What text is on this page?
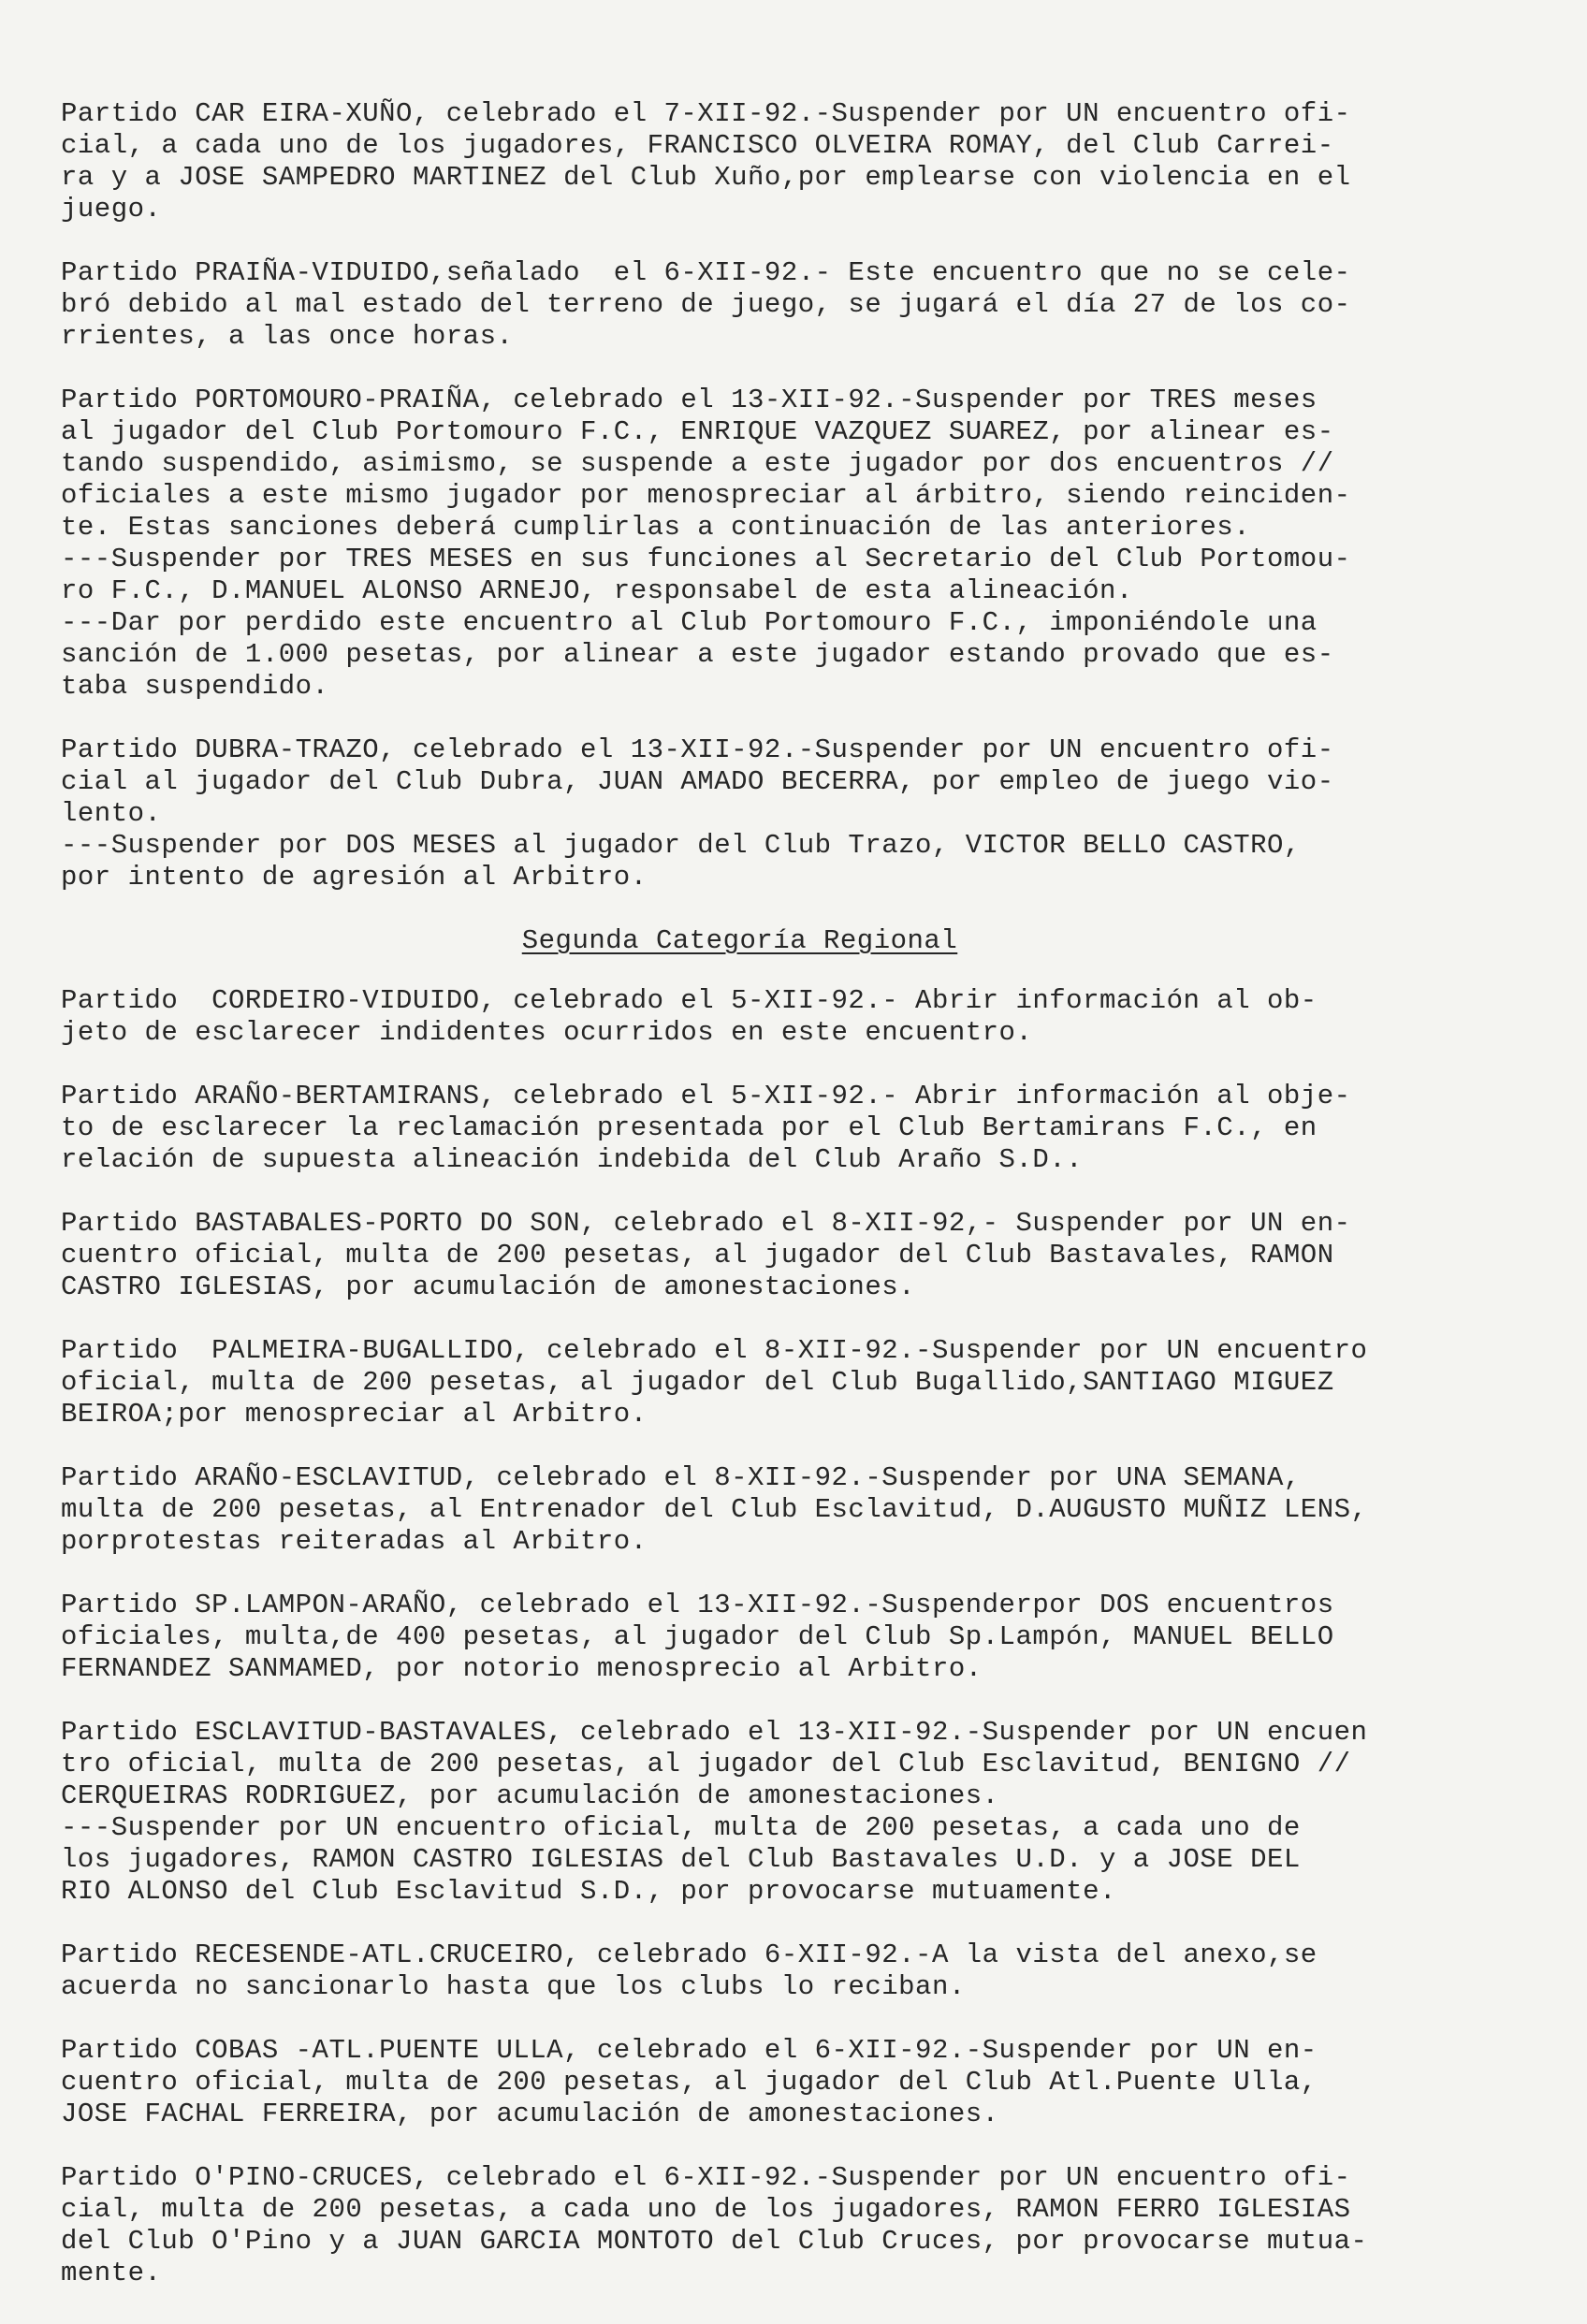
Partido CAR EIRA-XUÑO, celebrado el 7-XII-92.-Suspender por UN encuentro ofi-
cial, a cada uno de los jugadores, FRANCISCO OLVEIRA ROMAY, del Club Carrei-
ra y a JOSE SAMPEDRO MARTINEZ del Club Xuño,por emplearse con violencia en el
juego.
Partido PRAIÑA-VIDUIDO,señalado  el 6-XII-92.- Este encuentro que no se cele-
bró debido al mal estado del terreno de juego, se jugará el día 27 de los co-
rrientes, a las once horas.
Partido PORTOMOURO-PRAIÑA, celebrado el 13-XII-92.-Suspender por TRES meses
al jugador del Club Portomouro F.C., ENRIQUE VAZQUEZ SUAREZ, por alinear es-
tando suspendido, asimismo, se suspende a este jugador por dos encuentros //
oficiales a este mismo jugador por menospreciar al árbitro, siendo reinciden-
te. Estas sanciones deberá cumplirlas a continuación de las anteriores.
---Suspender por TRES MESES en sus funciones al Secretario del Club Portomou-
ro F.C., D.MANUEL ALONSO ARNEJO, responsabel de esta alineación.
---Dar por perdido este encuentro al Club Portomouro F.C., imponiéndole una
sanción de 1.000 pesetas, por alinear a este jugador estando provado que es-
taba suspendido.
Partido DUBRA-TRAZO, celebrado el 13-XII-92.-Suspender por UN encuentro ofi-
cial al jugador del Club Dubra, JUAN AMADO BECERRA, por empleo de juego vio-
lento.
---Suspender por DOS MESES al jugador del Club Trazo, VICTOR BELLO CASTRO,
por intento de agresión al Arbitro.
Segunda Categoría Regional
Partido  CORDEIRO-VIDUIDO, celebrado el 5-XII-92.- Abrir información al ob-
jeto de esclarecer indidentes ocurridos en este encuentro.
Partido ARAÑO-BERTAMIRANS, celebrado el 5-XII-92.- Abrir información al obje-
to de esclarecer la reclamación presentada por el Club Bertamirans F.C., en
relación de supuesta alineación indebida del Club Araño S.D..
Partido BASTABALES-PORTO DO SON, celebrado el 8-XII-92,- Suspender por UN en-
cuentro oficial, multa de 200 pesetas, al jugador del Club Bastavales, RAMON
CASTRO IGLESIAS, por acumulación de amonestaciones.
Partido  PALMEIRA-BUGALLIDO, celebrado el 8-XII-92.-Suspender por UN encuentro
oficial, multa de 200 pesetas, al jugador del Club Bugallido,SANTIAGO MIGUEZ
BEIROA;por menospreciar al Arbitro.
Partido ARAÑO-ESCLAVITUD, celebrado el 8-XII-92.-Suspender por UNA SEMANA,
multa de 200 pesetas, al Entrenador del Club Esclavitud, D.AUGUSTO MUÑIZ LENS,
porprotestas reiteradas al Arbitro.
Partido SP.LAMPON-ARAÑO, celebrado el 13-XII-92.-Suspenderpor DOS encuentros
oficiales, multa,de 400 pesetas, al jugador del Club Sp.Lampón, MANUEL BELLO
FERNANDEZ SANMAMED, por notorio menosprecio al Arbitro.
Partido ESCLAVITUD-BASTAVALES, celebrado el 13-XII-92.-Suspender por UN encuen
tro oficial, multa de 200 pesetas, al jugador del Club Esclavitud, BENIGNO //
CERQUEIRAS RODRIGUEZ, por acumulación de amonestaciones.
---Suspender por UN encuentro oficial, multa de 200 pesetas, a cada uno de
los jugadores, RAMON CASTRO IGLESIAS del Club Bastavales U.D. y a JOSE DEL
RIO ALONSO del Club Esclavitud S.D., por provocarse mutuamente.
Partido RECESENDE-ATL.CRUCEIRO, celebrado 6-XII-92.-A la vista del anexo,se
acuerda no sancionarlo hasta que los clubs lo reciban.
Partido COBAS -ATL.PUENTE ULLA, celebrado el 6-XII-92.-Suspender por UN en-
cuentro oficial, multa de 200 pesetas, al jugador del Club Atl.Puente Ulla,
JOSE FACHAL FERREIRA, por acumulación de amonestaciones.
Partido O'PINO-CRUCES, celebrado el 6-XII-92.-Suspender por UN encuentro ofi-
cial, multa de 200 pesetas, a cada uno de los jugadores, RAMON FERRO IGLESIAS
del Club O'Pino y a JUAN GARCIA MONTOTO del Club Cruces, por provocarse mutua-
mente.
